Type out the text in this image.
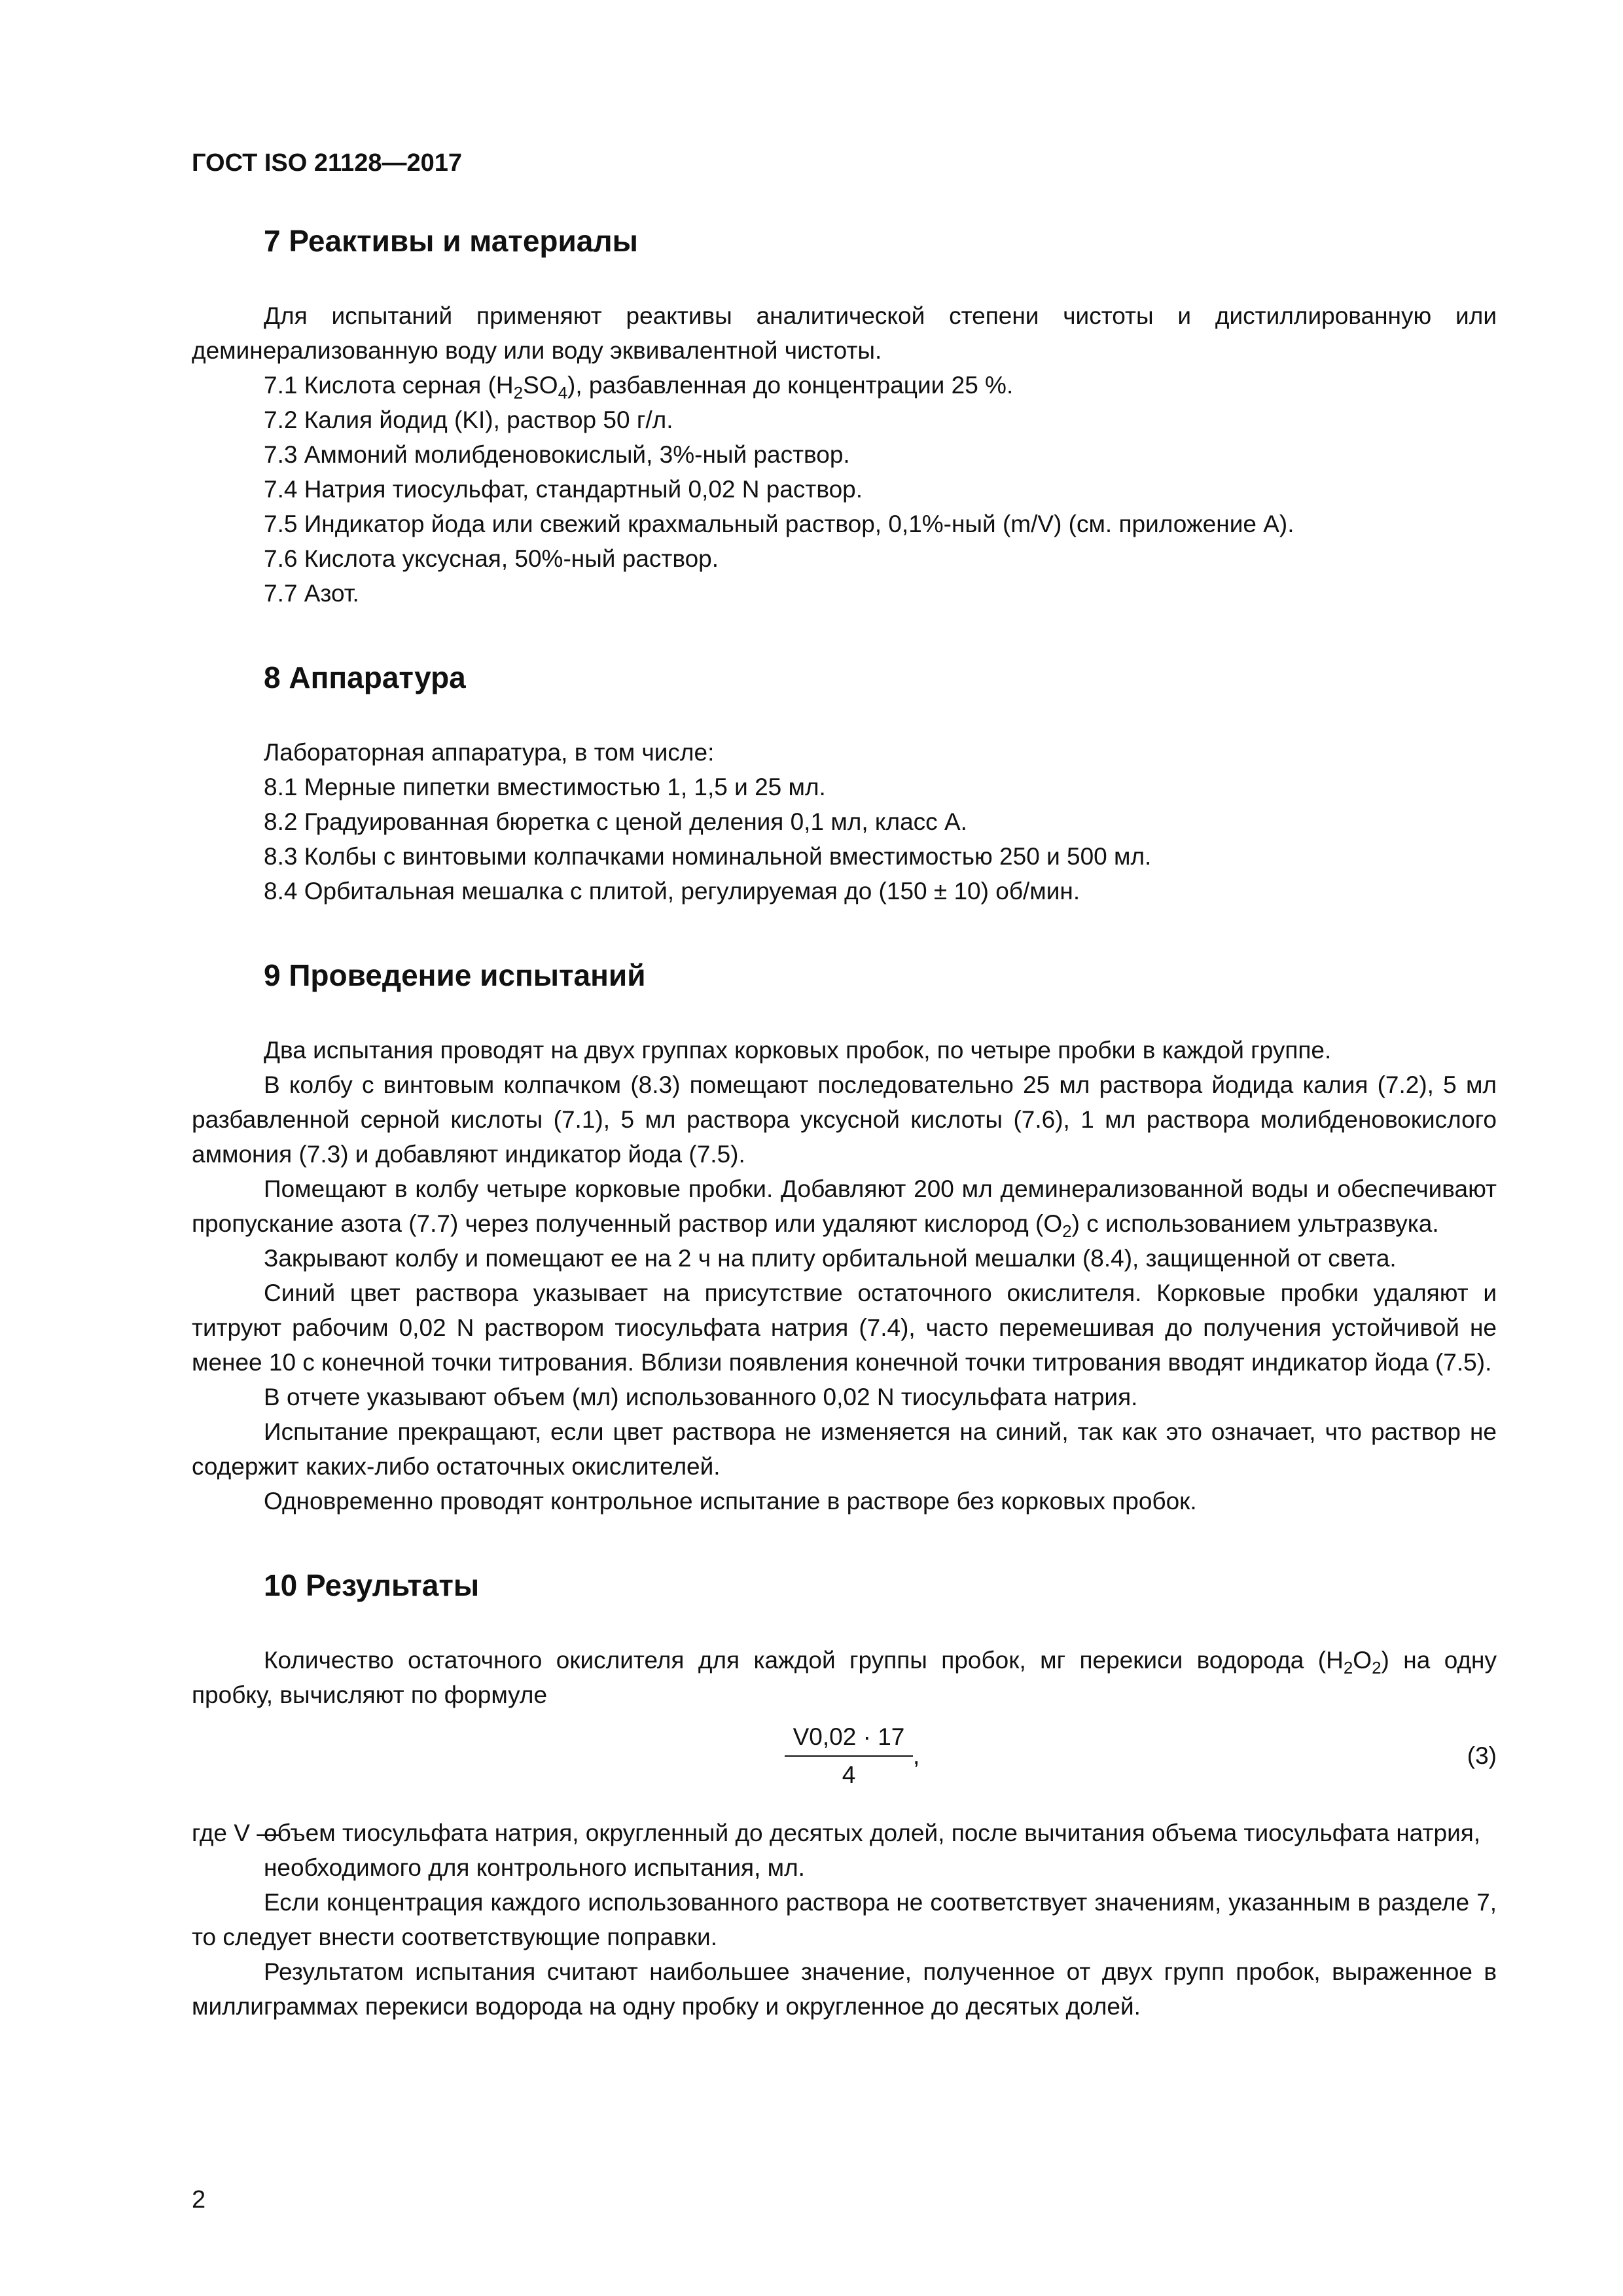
ГОСТ ISO 21128—2017
7 Реактивы и материалы

Для испытаний применяют реактивы аналитической степени чистоты и дистиллированную или деминерализованную воду или воду эквивалентной чистоты.

7.1 Кислота серная $(H_2SO_4)$, разбавленная до концентрации 25 %.
7.2 Калия йодид (KI), раствор 50 г/л.
7.3 Аммоний молибденовокислый, 3%-ный раствор.
7.4 Натрия тиосульфат, стандартный 0,02 N раствор.
7.5 Индикатор йода или свежий крахмальный раствор, 0,1%-ный (m/V) (см. приложение А).
7.6 Кислота уксусная, 50%-ный раствор.
7.7 Азот.
8 Аппаратура
Лабораторная аппаратура, в том числе:
8.1 Мерные пипетки вместимостью 1, 1,5 и 25 мл.
8.2 Градуированная бюретка с ценой деления 0,1 мл, класс А.
8.3 Колбы с винтовыми колпачками номинальной вместимостью 250 и 500 мл.
8.4 Орбитальная мешалка с плитой, регулируемая до (150 ± 10) об/мин.
9 Проведение испытаний

Два испытания проводят на двух группах корковых пробок, по четыре пробки в каждой группе.

В колбу с винтовым колпачком (8.3) помещают последовательно 25 мл раствора йодида калия (7.2), 5 мл разбавленной серной кислоты (7.1), 5 мл раствора уксусной кислоты (7.6), 1 мл раствора молибденовокислого аммония (7.3) и добавляют индикатор йода (7.5).

Помещают в колбу четыре корковые пробки. Добавляют 200 мл деминерализованной воды и обеспечивают пропускание азота (7.7) через полученный раствор или удаляют кислород $(O_2)$ с использованием ультразвука.

Закрывают колбу и помещают ее на 2 ч на плиту орбитальной мешалки (8.4), защищенной от света.

Синий цвет раствора указывает на присутствие остаточного окислителя. Корковые пробки удаляют и титруют рабочим 0,02 N раствором тиосульфата натрия (7.4), часто перемешивая до получения устойчивой не менее 10 с конечной точки титрования. Вблизи появления конечной точки титрования вводят индикатор йода (7.5).

В отчете указывают объем (мл) использованного 0,02 N тиосульфата натрия.

Испытание прекращают, если цвет раствора не изменяется на синий, так как это означает, что раствор не содержит каких-либо остаточных окислителей.

Одновременно проводят контрольное испытание в растворе без корковых пробок.

10 Результаты

Количество остаточного окислителя для каждой группы пробок, мг перекиси водорода $(H_2O_2)$ на одну пробку, вычисляют по формуле

$\frac{V0,02 \cdot 17}{4}$ ,	(3)
где V —
объем тиосульфата натрия, округленный до десятых долей, после вычитания объема тиосульфата натрия, необходимого для контрольного испытания, мл.

Если концентрация каждого использованного раствора не соответствует значениям, указанным в разделе 7, то следует внести соответствующие поправки.

Результатом испытания считают наибольшее значение, полученное от двух групп пробок, выраженное в миллиграммах перекиси водорода на одну пробку и округленное до десятых долей.

2
